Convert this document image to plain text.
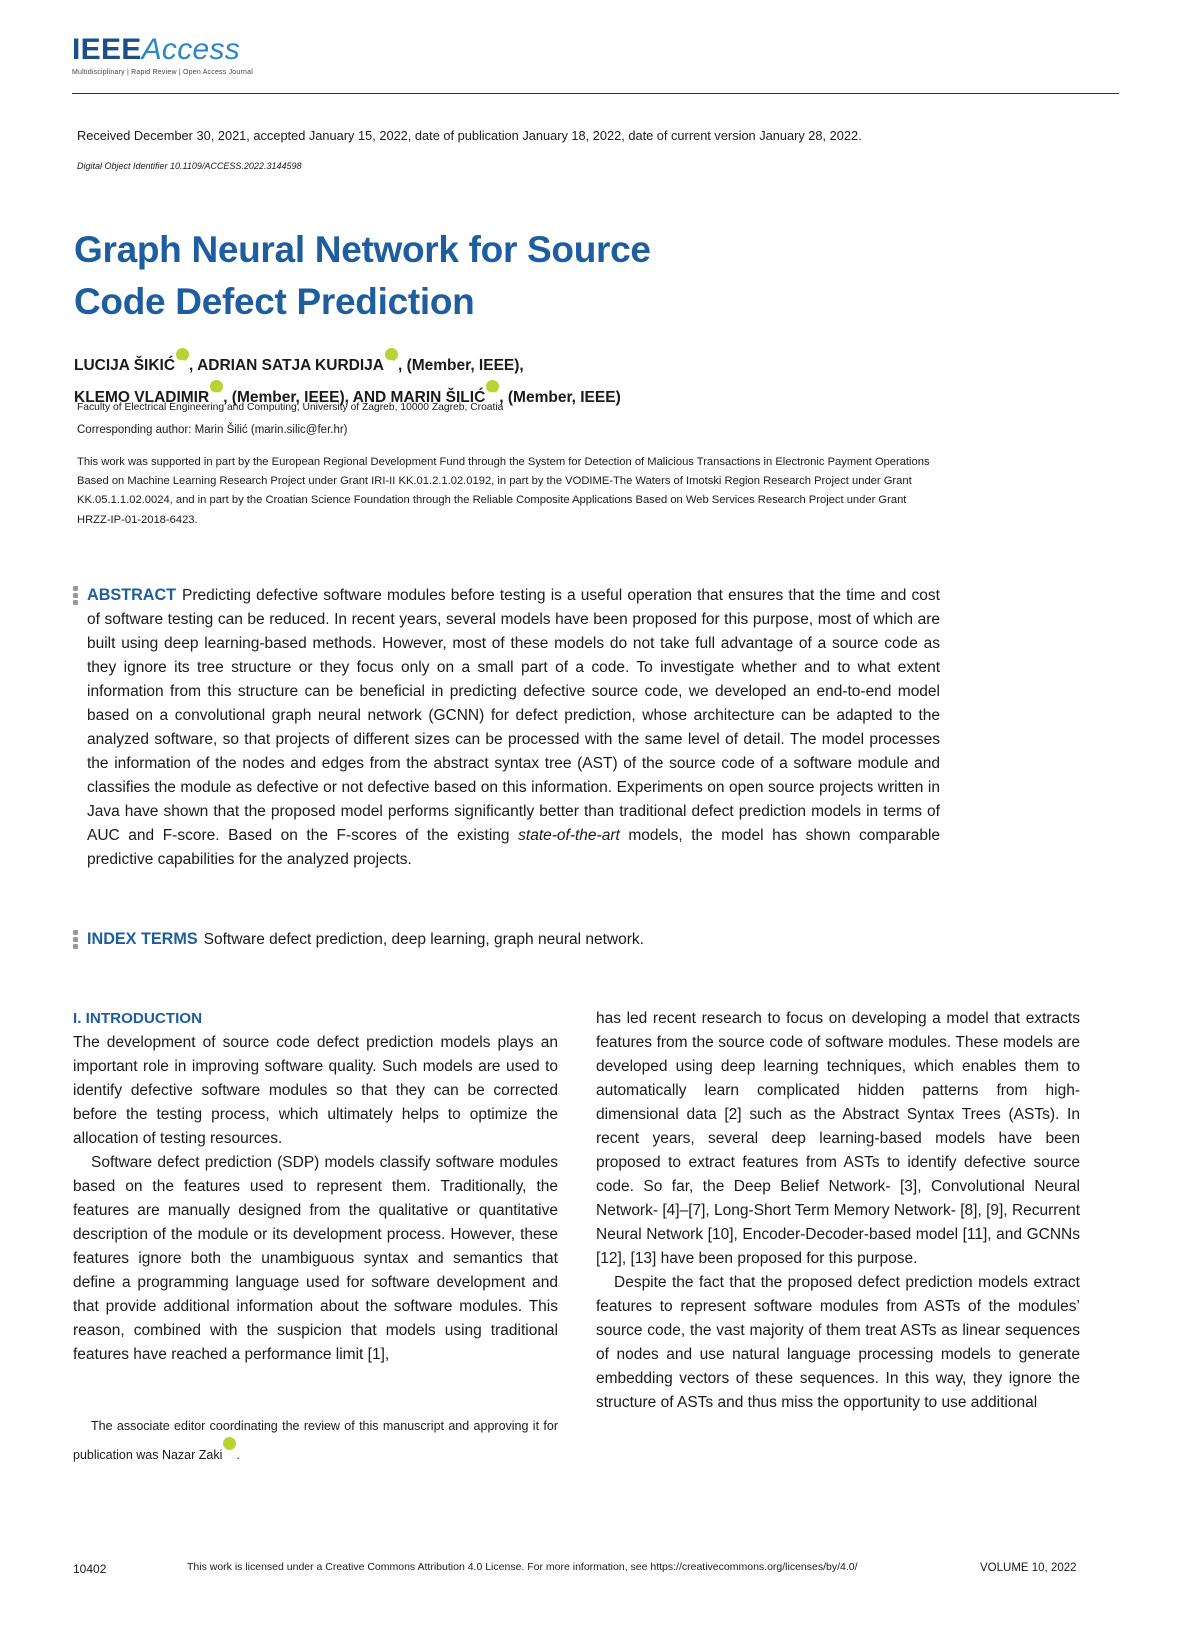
IEEEAccess
Multidisciplinary | Rapid Review | Open Access Journal
Received December 30, 2021, accepted January 15, 2022, date of publication January 18, 2022, date of current version January 28, 2022.
Digital Object Identifier 10.1109/ACCESS.2022.3144598
Graph Neural Network for Source
Code Defect Prediction
LUCIJA ŠIKIĆiD , ADRIAN SATJA KURDIJAiD , (Member, IEEE),
KLEMO VLADIMIRiD , (Member, IEEE), AND MARIN ŠILIĆiD , (Member, IEEE)
Faculty of Electrical Engineering and Computing, University of Zagreb, 10000 Zagreb, Croatia
Corresponding author: Marin Šilić (marin.silic@fer.hr)
This work was supported in part by the European Regional Development Fund through the System for Detection of Malicious Transactions in Electronic Payment Operations Based on Machine Learning Research Project under Grant IRI-II KK.01.2.1.02.0192, in part by the VODIME-The Waters of Imotski Region Research Project under Grant KK.05.1.1.02.0024, and in part by the Croatian Science Foundation through the Reliable Composite Applications Based on Web Services Research Project under Grant HRZZ-IP-01-2018-6423.
ABSTRACT Predicting defective software modules before testing is a useful operation that ensures that the time and cost of software testing can be reduced. In recent years, several models have been proposed for this purpose, most of which are built using deep learning-based methods. However, most of these models do not take full advantage of a source code as they ignore its tree structure or they focus only on a small part of a code. To investigate whether and to what extent information from this structure can be beneficial in predicting defective source code, we developed an end-to-end model based on a convolutional graph neural network (GCNN) for defect prediction, whose architecture can be adapted to the analyzed software, so that projects of different sizes can be processed with the same level of detail. The model processes the information of the nodes and edges from the abstract syntax tree (AST) of the source code of a software module and classifies the module as defective or not defective based on this information. Experiments on open source projects written in Java have shown that the proposed model performs significantly better than traditional defect prediction models in terms of AUC and F-score. Based on the F-scores of the existing state-of-the-art models, the model has shown comparable predictive capabilities for the analyzed projects.
INDEX TERMS Software defect prediction, deep learning, graph neural network.

I. INTRODUCTION

The development of source code defect prediction models plays an important role in improving software quality. Such models are used to identify defective software modules so that they can be corrected before the testing process, which ultimately helps to optimize the allocation of testing resources.

Software defect prediction (SDP) models classify software modules based on the features used to represent them. Traditionally, the features are manually designed from the qualitative or quantitative description of the module or its development process. However, these features ignore both the unambiguous syntax and semantics that define a programming language used for software development and that provide additional information about the software modules. This reason, combined with the suspicion that models using traditional features have reached a performance limit [1],

has led recent research to focus on developing a model that extracts features from the source code of software modules. These models are developed using deep learning techniques, which enables them to automatically learn complicated hidden patterns from high-dimensional data [2] such as the Abstract Syntax Trees (ASTs). In recent years, several deep learning-based models have been proposed to extract features from ASTs to identify defective source code. So far, the Deep Belief Network- [3], Convolutional Neural Network- [4]–[7], Long-Short Term Memory Network- [8], [9], Recurrent Neural Network [10], Encoder-Decoder-based model [11], and GCNNs [12], [13] have been proposed for this purpose.

Despite the fact that the proposed defect prediction models extract features to represent software modules from ASTs of the modules’ source code, the vast majority of them treat ASTs as linear sequences of nodes and use natural language processing models to generate embedding vectors of these sequences. In this way, they ignore the structure of ASTs and thus miss the opportunity to use additional

The associate editor coordinating the review of this manuscript and approving it for publication was Nazar ZakiiD
10402	This work is licensed under a Creative Commons Attribution 4.0 License. For more information, see https://creativecommons.org/licenses/by/4.0/	VOLUME 10, 2022
